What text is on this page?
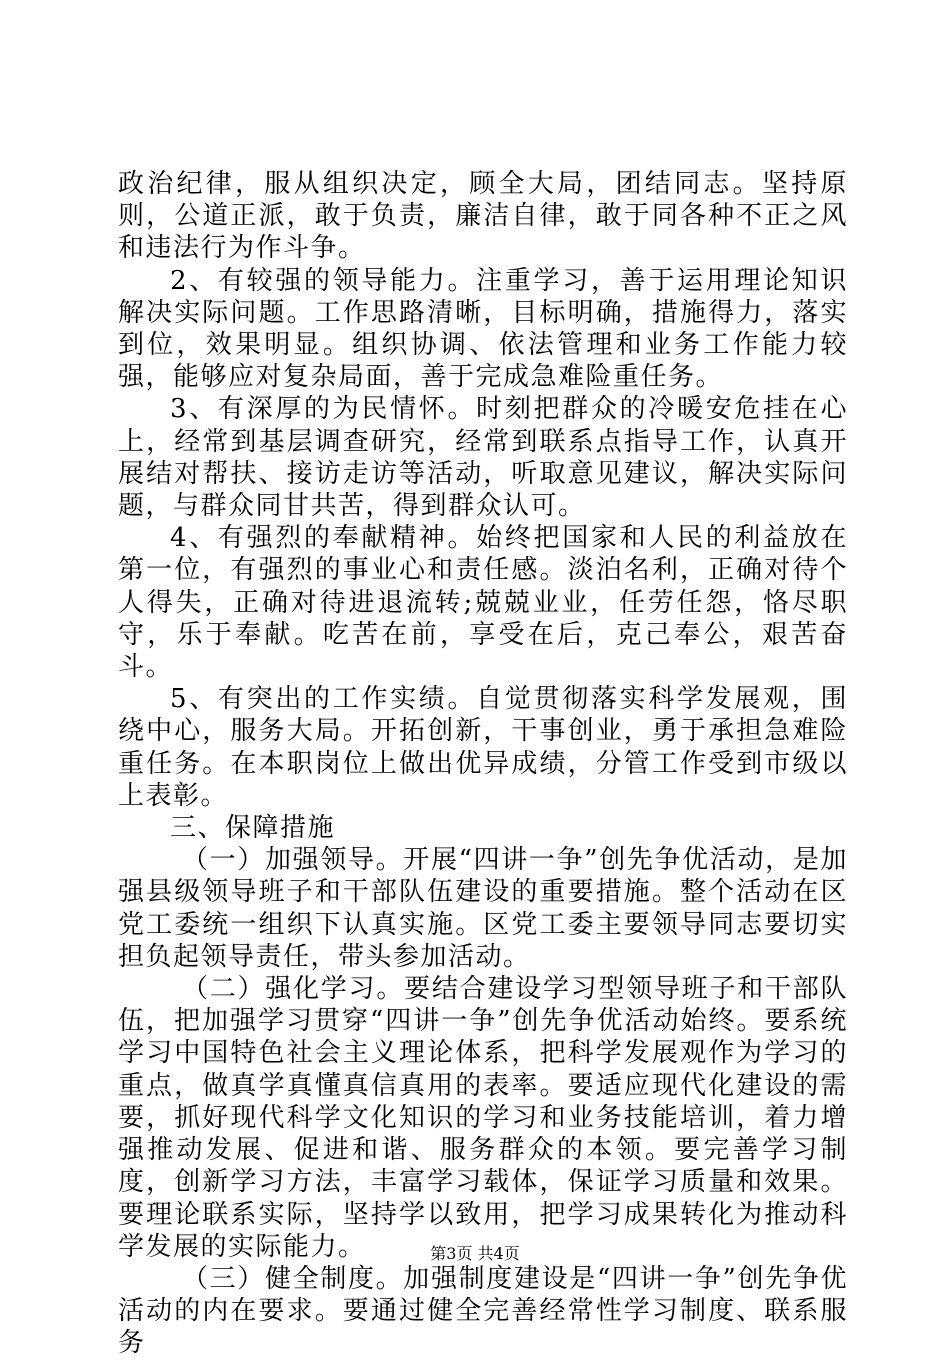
政治纪律，服从组织决定，顾全大局，团结同志。坚持原则，公道正派，敢于负责，廉洁自律，敢于同各种不正之风和违法行为作斗争。

2、有较强的领导能力。注重学习，善于运用理论知识解决实际问题。工作思路清晰，目标明确，措施得力，落实到位，效果明显。组织协调、依法管理和业务工作能力较强，能够应对复杂局面，善于完成急难险重任务。

3、有深厚的为民情怀。时刻把群众的冷暖安危挂在心上，经常到基层调查研究，经常到联系点指导工作，认真开展结对帮扶、接访走访等活动，听取意见建议，解决实际问题，与群众同甘共苦，得到群众认可。

4、有强烈的奉献精神。始终把国家和人民的利益放在第一位，有强烈的事业心和责任感。淡泊名利，正确对待个人得失，正确对待进退流转;兢兢业业，任劳任怨，恪尽职守，乐于奉献。吃苦在前，享受在后，克己奉公，艰苦奋斗。

5、有突出的工作实绩。自觉贯彻落实科学发展观，围绕中心，服务大局。开拓创新，干事创业，勇于承担急难险重任务。在本职岗位上做出优异成绩，分管工作受到市级以上表彰。

三、保障措施

（一）加强领导。开展“四讲一争”创先争优活动，是加强县级领导班子和干部队伍建设的重要措施。整个活动在区党工委统一组织下认真实施。区党工委主要领导同志要切实担负起领导责任，带头参加活动。

（二）强化学习。要结合建设学习型领导班子和干部队伍，把加强学习贯穿“四讲一争”创先争优活动始终。要系统学习中国特色社会主义理论体系，把科学发展观作为学习的重点，做真学真懂真信真用的表率。要适应现代化建设的需要，抓好现代科学文化知识的学习和业务技能培训，着力增强推动发展、促进和谐、服务群众的本领。要完善学习制度，创新学习方法，丰富学习载体，保证学习质量和效果。要理论联系实际，坚持学以致用，把学习成果转化为推动科学发展的实际能力。

（三）健全制度。加强制度建设是“四讲一争”创先争优活动的内在要求。要通过健全完善经常性学习制度、联系服务

第3页 共4页
